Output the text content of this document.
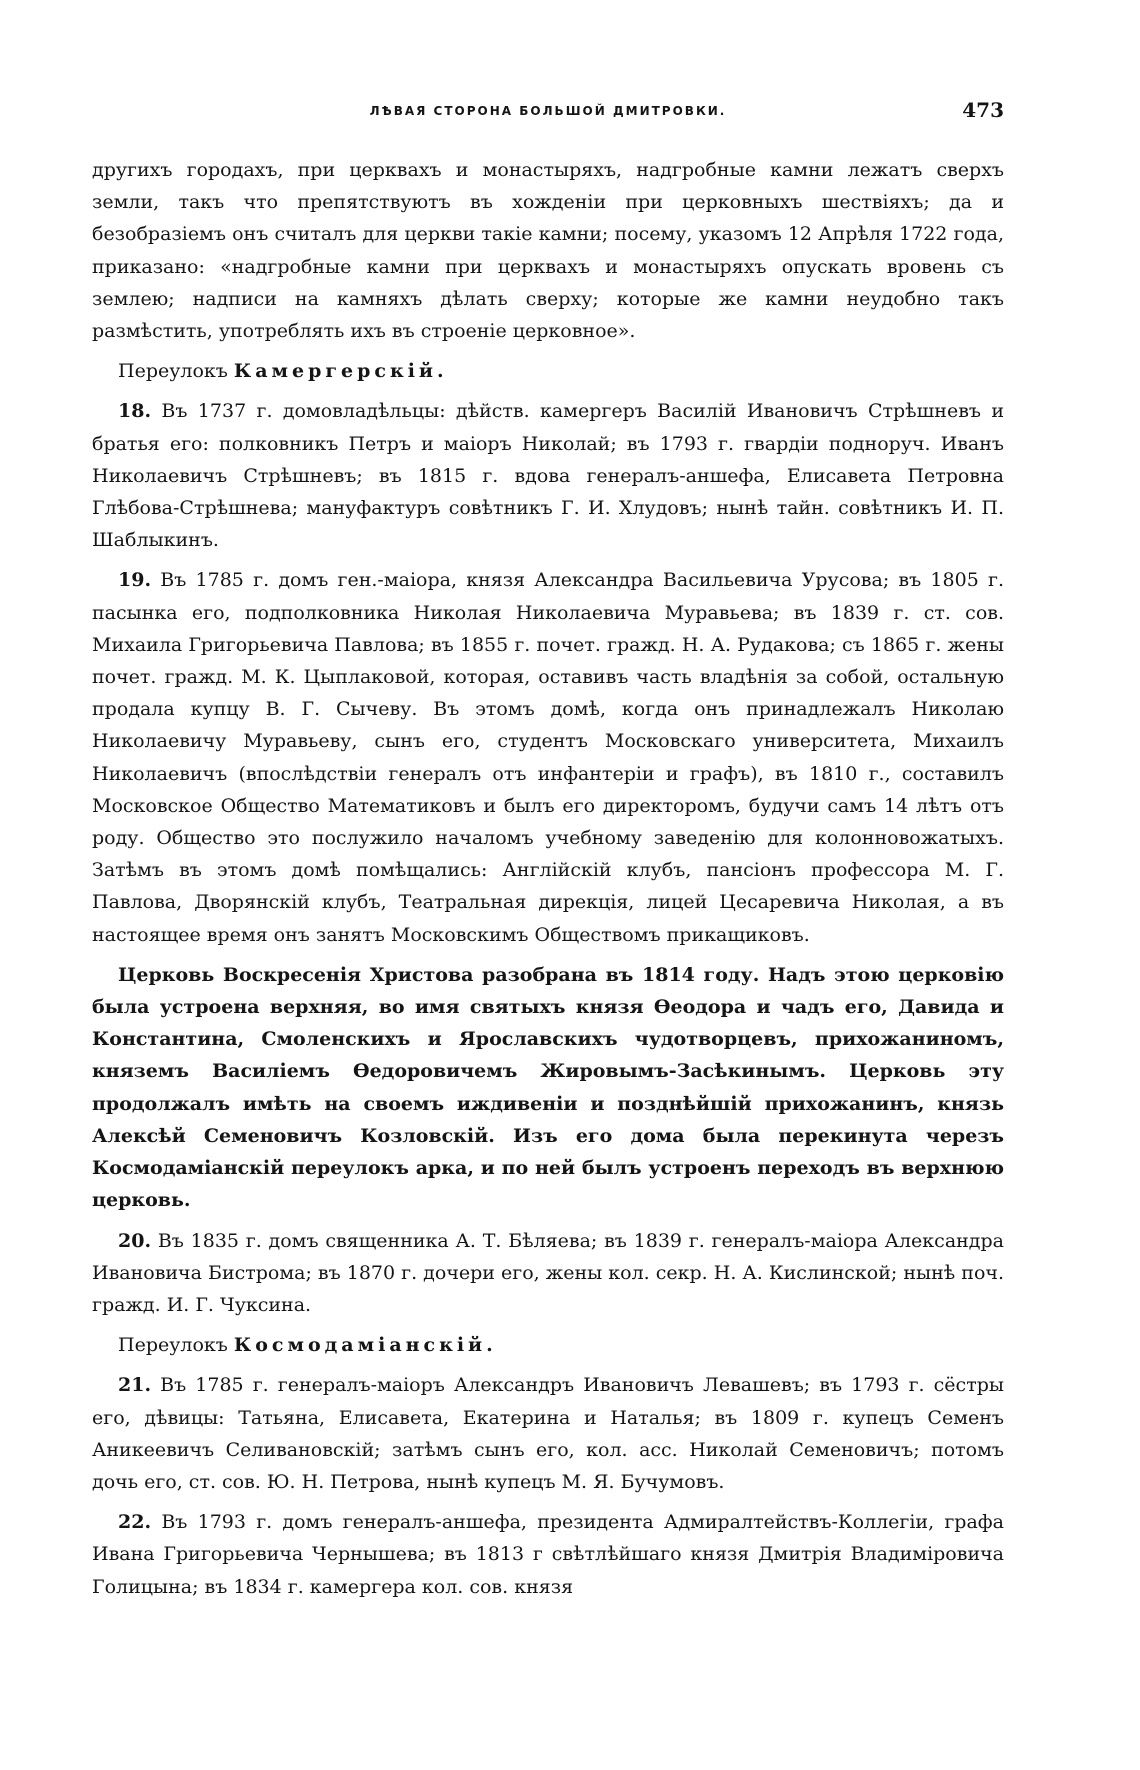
ЛѢВАЯ СТОРОНА БОЛЬШОЙ ДМИТРОВКИ.	473

другихъ городахъ, при церквахъ и монастыряхъ, надгробные камни лежатъ сверхъ земли, такъ что препятствуютъ въ хожденіи при церковныхъ шествіяхъ; да и безобразіемъ онъ считалъ для церкви такіе камни; посему, указомъ 12 Апрѣля 1722 года, приказано: «надгробные камни при церквахъ и монастыряхъ опускать вровень съ землею; надписи на камняхъ дѣлать сверху; которые же камни неудобно такъ размѣстить, употреблять ихъ въ строеніе церковное».

Переулокъ Камергерскій.

18. Въ 1737 г. домовладѣльцы: дѣйств. камергеръ Василій Ивановичъ Стрѣшневъ и братья его: полковникъ Петръ и маіоръ Николай; въ 1793 г. гвардіи подноруч. Иванъ Николаевичъ Стрѣшневъ; въ 1815 г. вдова генералъ-аншефа, Елисавета Петровна Глѣбова-Стрѣшнева; мануфактуръ совѣтникъ Г. И. Хлудовъ; нынѣ тайн. совѣтникъ И. П. Шаблыкинъ.

19. Въ 1785 г. домъ ген.-маіора, князя Александра Васильевича Урусова; въ 1805 г. пасынка его, подполковника Николая Николаевича Муравьева; въ 1839 г. ст. сов. Михаила Григорьевича Павлова; въ 1855 г. почет. гражд. Н. А. Рудакова; съ 1865 г. жены почет. гражд. М. К. Цыплаковой, которая, оставивъ часть владѣнія за собой, остальную продала купцу В. Г. Сычеву. Въ этомъ домѣ, когда онъ принадлежалъ Николаю Николаевичу Муравьеву, сынъ его, студентъ Московскаго университета, Михаилъ Николаевичъ (впослѣдствіи генералъ отъ инфантеріи и графъ), въ 1810 г., составилъ Московское Общество Математиковъ и былъ его директоромъ, будучи самъ 14 лѣтъ отъ роду. Общество это послужило началомъ учебному заведенію для колонновожатыхъ. Затѣмъ въ этомъ домѣ помѣщались: Англійскій клубъ, пансіонъ профессора М. Г. Павлова, Дворянскій клубъ, Театральная дирекція, лицей Цесаревича Николая, а въ настоящее время онъ занятъ Московскимъ Обществомъ прикащиковъ.

Церковь Воскресенія Христова разобрана въ 1814 году. Надъ этою церковію была устроена верхняя, во имя святыхъ князя Ѳеодора и чадъ его, Давида и Константина, Смоленскихъ и Ярославскихъ чудотворцевъ, прихожаниномъ, княземъ Василіемъ Ѳедоровичемъ Жировымъ-Засѣкинымъ. Церковь эту продолжалъ имѣть на своемъ иждивеніи и позднѣйшій прихожанинъ, князь Алексѣй Семеновичъ Козловскій. Изъ его дома была перекинута черезъ Космодаміанскій переулокъ арка, и по ней былъ устроенъ переходъ въ верхнюю церковь.

20. Въ 1835 г. домъ священника А. Т. Бѣляева; въ 1839 г. генералъ-маіора Александра Ивановича Бистрома; въ 1870 г. дочери его, жены кол. секр. Н. А. Кислинской; нынѣ поч. гражд. И. Г. Чуксина.

Переулокъ Космодаміанскій.

21. Въ 1785 г. генералъ-маіоръ Александръ Ивановичъ Левашевъ; въ 1793 г. сёстры его, дѣвицы: Татьяна, Елисавета, Екатерина и Наталья; въ 1809 г. купецъ Семенъ Аникеевичъ Селивановскій; затѣмъ сынъ его, кол. асс. Николай Семеновичъ; потомъ дочь его, ст. сов. Ю. Н. Петрова, нынѣ купецъ М. Я. Бучумовъ.

22. Въ 1793 г. домъ генералъ-аншефа, президента Адмиралтействъ-Коллегіи, графа Ивана Григорьевича Чернышева; въ 1813 г свѣтлѣйшаго князя Дмитрія Владиміровича Голицына; въ 1834 г. камергера кол. сов. князя
